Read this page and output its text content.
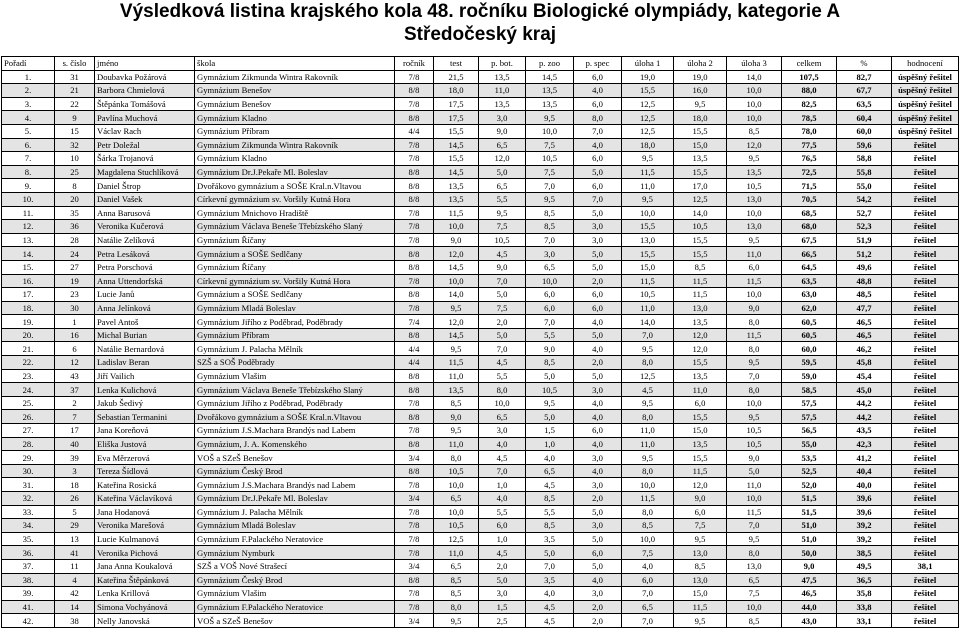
Výsledková listina krajského kola 48. ročníku Biologické olympiády, kategorie A
Středočeský kraj
Pořadí	s. číslo	jméno	škola	ročník	test	p. bot.	p. zoo	p. spec	úloha 1	úloha 2	úloha 3	celkem	%	hodnocení
1.	31	Doubavka Požárová	Gymnázium Zikmunda Wintra Rakovník	7/8	21,5	13,5	14,5	6,0	19,0	19,0	14,0	107,5	82,7	úspěšný řešitel
2.	21	Barbora Chmielová	Gymnázium Benešov	8/8	18,0	11,0	13,5	4,0	15,5	16,0	10,0	88,0	67,7	úspěšný řešitel
3.	22	Štěpánka Tomášová	Gymnázium Benešov	7/8	17,5	13,5	13,5	6,0	12,5	9,5	10,0	82,5	63,5	úspěšný řešitel
4.	9	Pavlína Muchová	Gymnázium Kladno	8/8	17,5	3,0	9,5	8,0	12,5	18,0	10,0	78,5	60,4	úspěšný řešitel
5.	15	Václav Rach	Gymnázium Příbram	4/4	15,5	9,0	10,0	7,0	12,5	15,5	8,5	78,0	60,0	úspěšný řešitel
6.	32	Petr Doležal	Gymnázium Zikmunda Wintra Rakovník	7/8	14,5	6,5	7,5	4,0	18,0	15,0	12,0	77,5	59,6	řešitel
7.	10	Šárka Trojanová	Gymnázium Kladno	7/8	15,5	12,0	10,5	6,0	9,5	13,5	9,5	76,5	58,8	řešitel
8.	25	Magdalena Stuchlíková	Gymnázium Dr.J.Pekaře Ml. Boleslav	8/8	14,5	5,0	7,5	5,0	11,5	15,5	13,5	72,5	55,8	řešitel
9.	8	Daniel Štrop	Dvořákovo gymnázium a SOŠE Kral.n.Vltavou	8/8	13,5	6,5	7,0	6,0	11,0	17,0	10,5	71,5	55,0	řešitel
10.	20	Daniel Vašek	Církevní gymnázium sv. Voršily Kutná Hora	8/8	13,5	5,5	9,5	7,0	9,5	12,5	13,0	70,5	54,2	řešitel
11.	35	Anna Barusová	Gymnázium Mnichovo Hradiště	7/8	11,5	9,5	8,5	5,0	10,0	14,0	10,0	68,5	52,7	řešitel
12.	36	Veronika Kučerová	Gymnázium Václava Beneše Třebízského Slaný	7/8	10,0	7,5	8,5	3,0	15,5	10,5	13,0	68,0	52,3	řešitel
13.	28	Natálie Zelíková	Gymnázium Říčany	7/8	9,0	10,5	7,0	3,0	13,0	15,5	9,5	67,5	51,9	řešitel
14.	24	Petra Lesáková	Gymnázium a SOŠE Sedlčany	8/8	12,0	4,5	3,0	5,0	15,5	15,5	11,0	66,5	51,2	řešitel
15.	27	Petra Porschová	Gymnázium Říčany	8/8	14,5	9,0	6,5	5,0	15,0	8,5	6,0	64,5	49,6	řešitel
16.	19	Anna Uttendorfská	Církevní gymnázium sv. Voršily Kutná Hora	7/8	10,0	7,0	10,0	2,0	11,5	11,5	11,5	63,5	48,8	řešitel
17.	23	Lucie Janů	Gymnázium a SOŠE Sedlčany	8/8	14,0	5,0	6,0	6,0	10,5	11,5	10,0	63,0	48,5	řešitel
18.	30	Anna Jelínková	Gymnázium Mladá Boleslav	7/8	9,5	7,5	6,0	6,0	11,0	13,0	9,0	62,0	47,7	řešitel
19.	1	Pavel Antoš	Gymnázium Jiřího z Poděbrad, Poděbrady	7/4	12,0	2,0	7,0	4,0	14,0	13,5	8,0	60,5	46,5	řešitel
20.	16	Michal Burian	Gymnázium Příbram	8/8	14,5	5,0	5,5	5,0	7,0	12,0	11,5	60,5	46,5	řešitel
21.	6	Natálie Bernardová	Gymnázium J. Palacha Mělník	4/4	9,5	7,0	9,0	4,0	9,5	12,0	8,0	60,0	46,2	řešitel
22.	12	Ladislav Beran	SZŠ a SOŠ Poděbrady	4/4	11,5	4,5	8,5	2,0	8,0	15,5	9,5	59,5	45,8	řešitel
23.	43	Jiří Vailich	Gymnázium Vlašim	8/8	11,0	5,5	5,0	5,0	12,5	13,5	7,0	59,0	45,4	řešitel
24.	37	Lenka Kulichová	Gymnázium Václava Beneše Třebízského Slaný	8/8	13,5	8,0	10,5	3,0	4,5	11,0	8,0	58,5	45,0	řešitel
25.	2	Jakub Šedivý	Gymnázium Jiřího z Poděbrad, Poděbrady	7/8	8,5	10,0	9,5	4,0	9,5	6,0	10,0	57,5	44,2	řešitel
26.	7	Sebastian Termanini	Dvořákovo gymnázium a SOŠE Kral.n.Vltavou	8/8	9,0	6,5	5,0	4,0	8,0	15,5	9,5	57,5	44,2	řešitel
27.	17	Jana Koreňová	Gymnázium J.S.Machara Brandýs nad Labem	7/8	9,5	3,0	1,5	6,0	11,0	15,0	10,5	56,5	43,5	řešitel
28.	40	Eliška Justová	Gymnázium, J. A. Komenského	8/8	11,0	4,0	1,0	4,0	11,0	13,5	10,5	55,0	42,3	řešitel
29.	39	Eva Měrzerová	VOŠ a SZeŠ Benešov	3/4	8,0	4,5	4,0	3,0	9,5	15,5	9,0	53,5	41,2	řešitel
30.	3	Tereza Šídlová	Gymnázium Český Brod	8/8	10,5	7,0	6,5	4,0	8,0	11,5	5,0	52,5	40,4	řešitel
31.	18	Kateřina Rosická	Gymnázium J.S.Machara Brandýs nad Labem	7/8	10,0	1,0	4,5	3,0	10,0	12,0	11,0	52,0	40,0	řešitel
32.	26	Kateřina Václavíková	Gymnázium Dr.J.Pekaře Ml. Boleslav	3/4	6,5	4,0	8,5	2,0	11,5	9,0	10,0	51,5	39,6	řešitel
33.	5	Jana Hodanová	Gymnázium J. Palacha Mělník	7/8	10,0	5,5	5,5	5,0	8,0	6,0	11,5	51,5	39,6	řešitel
34.	29	Veronika Marešová	Gymnázium Mladá Boleslav	7/8	10,5	6,0	8,5	3,0	8,5	7,5	7,0	51,0	39,2	řešitel
35.	13	Lucie Kulmanová	Gymnázium F.Palackého Neratovice	7/8	12,5	1,0	3,5	5,0	10,0	9,5	9,5	51,0	39,2	řešitel
36.	41	Veronika Pichová	Gymnázium Nymburk	7/8	11,0	4,5	5,0	6,0	7,5	13,0	8,0	50,0	38,5	řešitel
37.	11	Jana Anna Koukalová	SZŠ a VOŠ Nové Strašecí	3/4	6,5	2,0	7,0	5,0	4,0	8,5	13,0	9,0	49,5	38,1
38.	4	Kateřina Štěpánková	Gymnázium Český Brod	8/8	8,5	5,0	3,5	4,0	6,0	13,0	6,5	47,5	36,5	řešitel
39.	42	Lenka Krillová	Gymnázium Vlašim	7/8	8,5	3,0	4,0	3,0	7,0	15,0	7,5	46,5	35,8	řešitel
41.	14	Simona Vochyánová	Gymnázium F.Palackého Neratovice	7/8	8,0	1,5	4,5	2,0	6,5	11,5	10,0	44,0	33,8	řešitel
42.	38	Nelly Janovská	VOŠ a SZeŠ Benešov	3/4	9,5	2,5	4,5	2,0	7,0	9,5	8,5	43,0	33,1	řešitel
